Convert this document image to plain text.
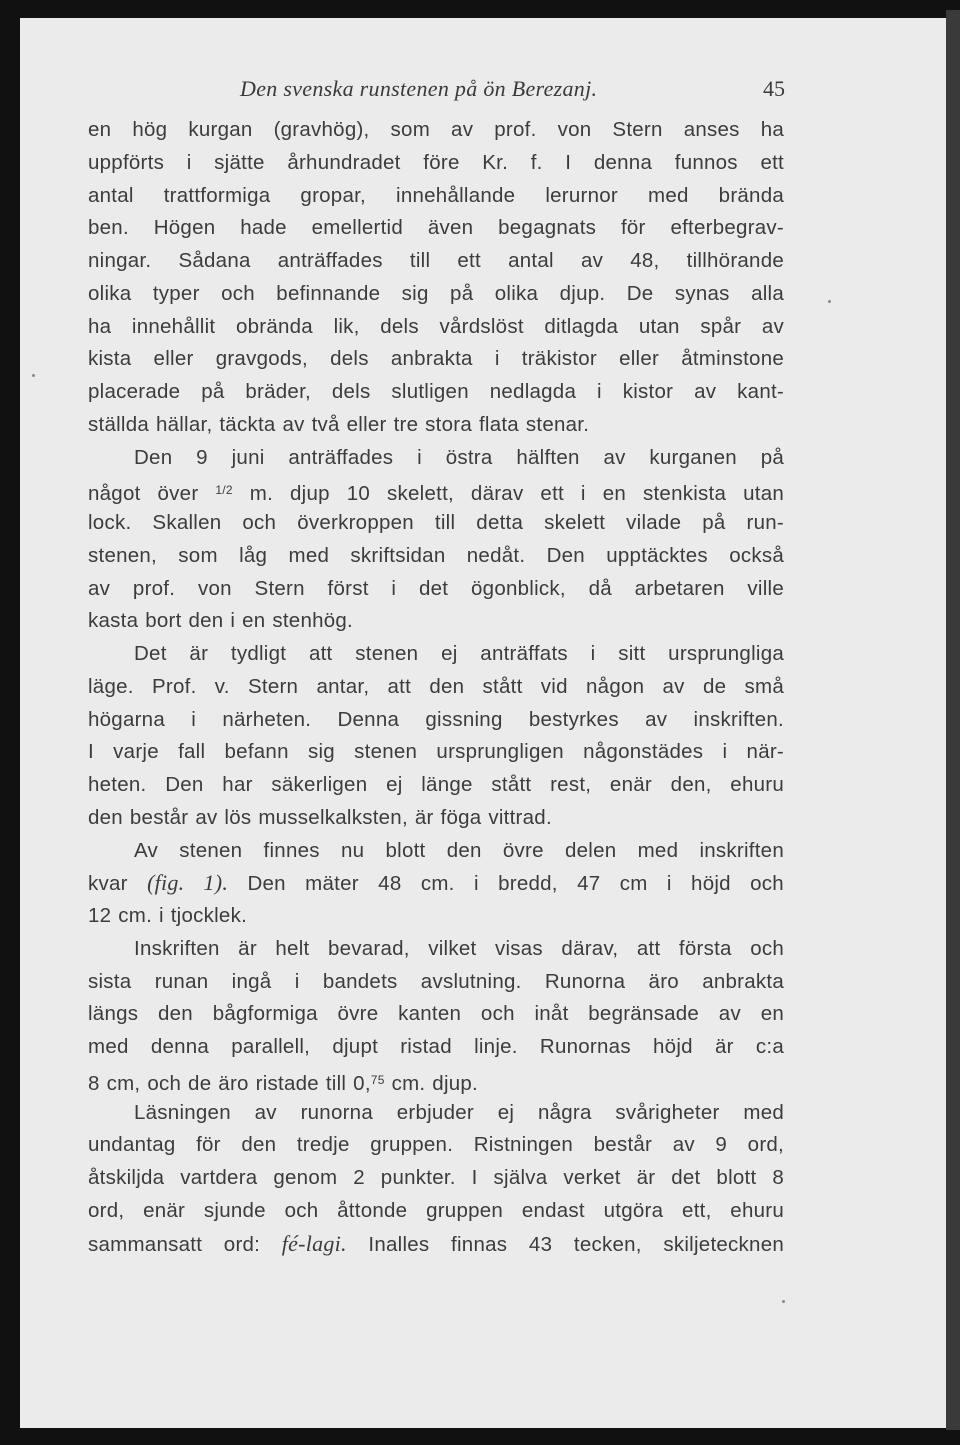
Den svenska runstenen på ön Berezanj.	45
en hög kurgan (gravhög), som av prof. von Stern anses ha
uppförts i sjätte århundradet före Kr. f. I denna funnos ett
antal trattformiga gropar, innehållande lerurnor med brända
ben. Högen hade emellertid även begagnats för efterbegrav-
ningar. Sådana anträffades till ett antal av 48, tillhörande
olika typer och befinnande sig på olika djup. De synas alla
ha innehållit obrända lik, dels vårdslöst ditlagda utan spår av
kista eller gravgods, dels anbrakta i träkistor eller åtminstone
placerade på bräder, dels slutligen nedlagda i kistor av kant-
ställda hällar, täckta av två eller tre stora flata stenar.
Den 9 juni anträffades i östra hälften av kurganen på
något över $^{1/2}$ m. djup 10 skelett, därav ett i en stenkista utan
lock. Skallen och överkroppen till detta skelett vilade på run-
stenen, som låg med skriftsidan nedåt. Den upptäcktes också
av prof. von Stern först i det ögonblick, då arbetaren ville
kasta bort den i en stenhög.
Det är tydligt att stenen ej anträffats i sitt ursprungliga
läge. Prof. v. Stern antar, att den stått vid någon av de små
högarna i närheten. Denna gissning bestyrkes av inskriften.
I varje fall befann sig stenen ursprungligen någonstädes i när-
heten. Den har säkerligen ej länge stått rest, enär den, ehuru
den består av lös musselkalksten, är föga vittrad.
Av stenen finnes nu blott den övre delen med inskriften
kvar (fig. 1). Den mäter 48 cm. i bredd, 47 cm i höjd och
12 cm. i tjocklek.
Inskriften är helt bevarad, vilket visas därav, att första och
sista runan ingå i bandets avslutning. Runorna äro anbrakta
längs den bågformiga övre kanten och inåt begränsade av en
med denna parallell, djupt ristad linje. Runornas höjd är c:a
8 cm, och de äro ristade till 0,75 cm. djup.
Läsningen av runorna erbjuder ej några svårigheter med
undantag för den tredje gruppen. Ristningen består av 9 ord,
åtskiljda vartdera genom 2 punkter. I själva verket är det blott 8
ord, enär sjunde och åttonde gruppen endast utgöra ett, ehuru
sammansatt ord: fé-lagi. Inalles finnas 43 tecken, skiljetecknen
